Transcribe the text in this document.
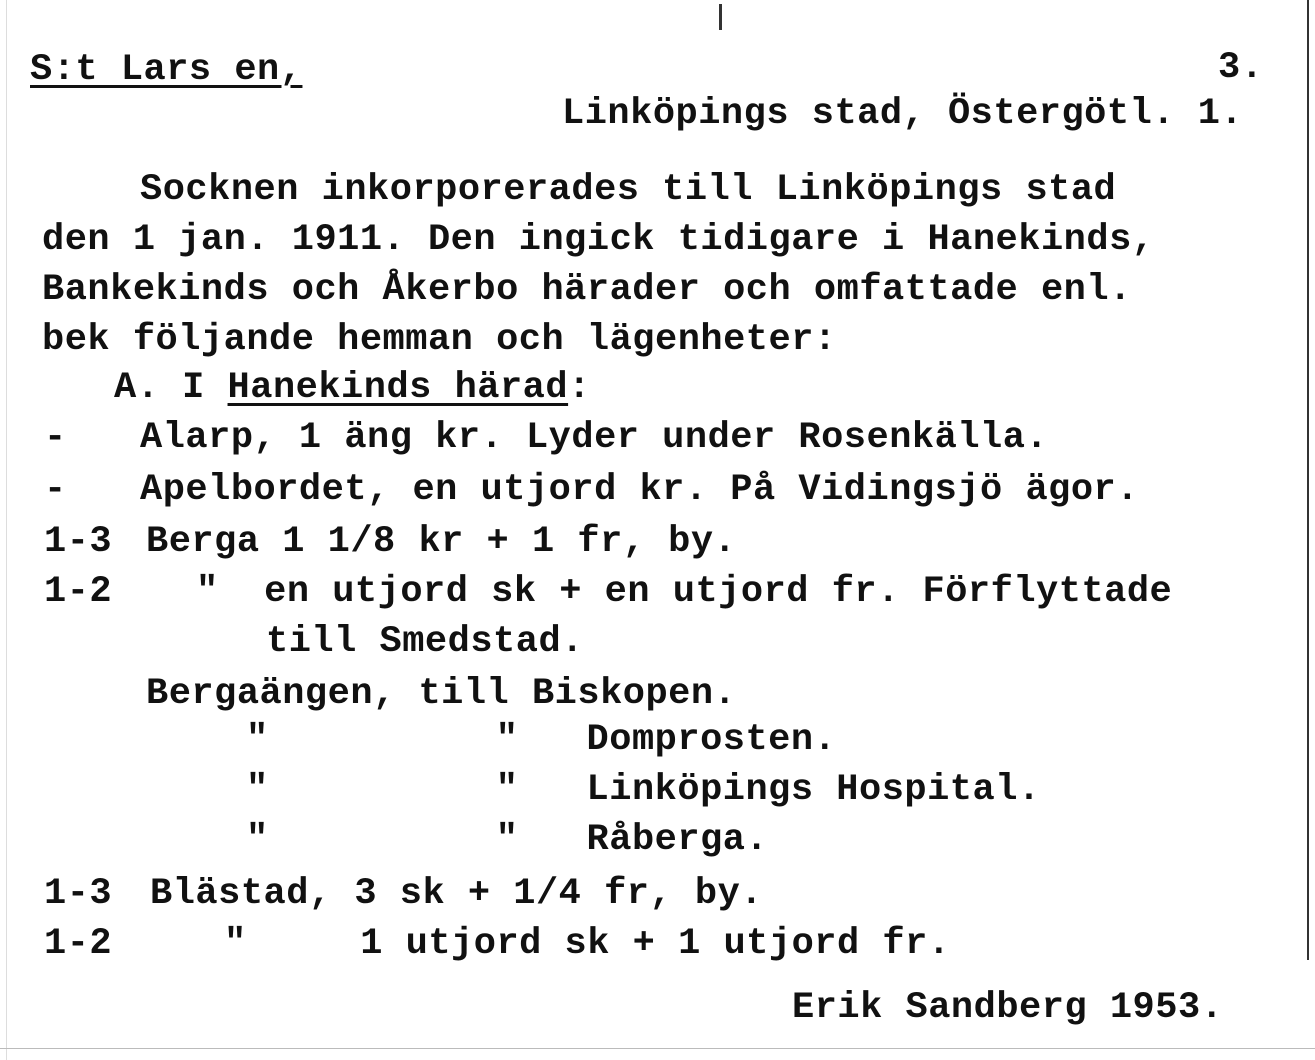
S:t Lars en,	3.
Linköpings stad, Östergötl. 1.
Socknen inkorporerades till Linköpings stad
den 1 jan. 1911. Den ingick tidigare i Hanekinds,
Bankekinds och Åkerbo härader och omfattade enl.
bek följande hemman och lägenheter:
A. I Hanekinds härad:
- Alarp, 1 äng kr. Lyder under Rosenkälla.
- Apelbordet, en utjord kr. På Vidingsjö ägor.
1-3 Berga 1 1/8 kr + 1 fr, by.
1-2 "  en utjord sk + en utjord fr. Förflyttade
till Smedstad.
Bergaängen, till Biskopen.
"          "   Domprosten.
"          "   Linköpings Hospital.
"          "   Råberga.
1-3 Blästad, 3 sk + 1/4 fr, by.
1-2	"     1 utjord sk + 1 utjord fr.
Erik Sandberg 1953.
